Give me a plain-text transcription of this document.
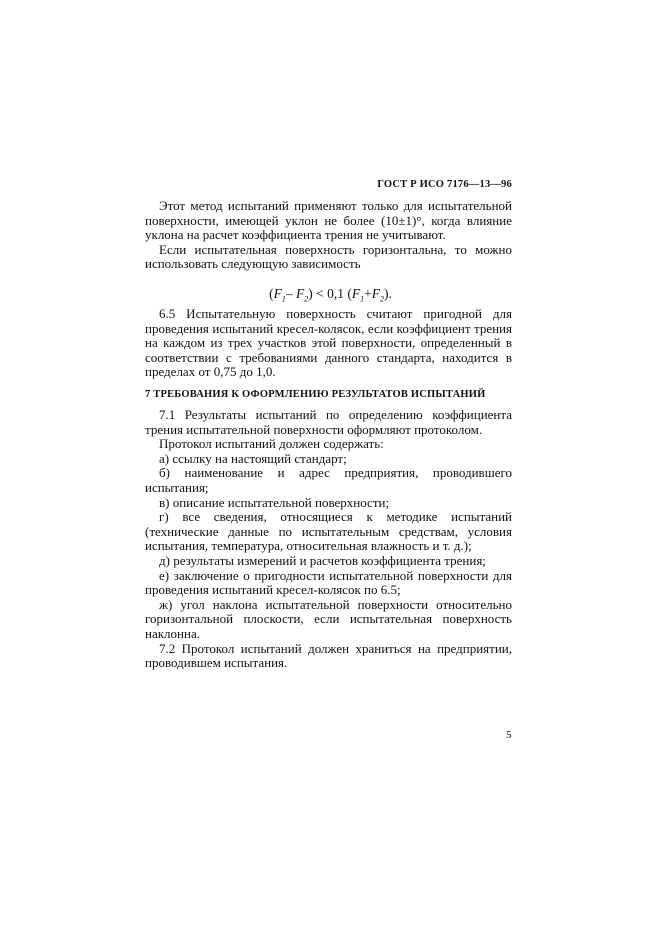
ГОСТ Р ИСО 7176—13—96

Этот метод испытаний применяют только для испытательной поверхности, имеющей уклон не более (10±1)°, когда влияние уклона на расчет коэффициента трения не учитывают.

Если испытательная поверхность горизонтальна, то можно использовать следующую зависимость

($F_1-$ $F_2) < 0,1$ $(F_1+F_2)$.

6.5 Испытательную поверхность считают пригодной для проведения испытаний кресел-колясок, если коэффициент трения на каждом из трех участков этой поверхности, определенный в соответствии с требованиями данного стандарта, находится в пределах от 0,75 до 1,0.

7 ТРЕБОВАНИЯ К ОФОРМЛЕНИЮ РЕЗУЛЬТАТОВ ИСПЫТАНИЙ

7.1 Результаты испытаний по определению коэффициента трения испытательной поверхности оформляют протоколом.

Протокол испытаний должен содержать:

а) ссылку на настоящий стандарт;

б) наименование и адрес предприятия, проводившего испытания;

в) описание испытательной поверхности;

г) все сведения, относящиеся к методике испытаний (технические данные по испытательным средствам, условия испытания, температура, относительная влажность и т. д.);

д) результаты измерений и расчетов коэффициента трения;

е) заключение о пригодности испытательной поверхности для проведения испытаний кресел-колясок по 6.5;

ж) угол наклона испытательной поверхности относительно горизонтальной плоскости, если испытательная поверхность наклонна.

7.2 Протокол испытаний должен храниться на предприятии, проводившем испытания.

5
